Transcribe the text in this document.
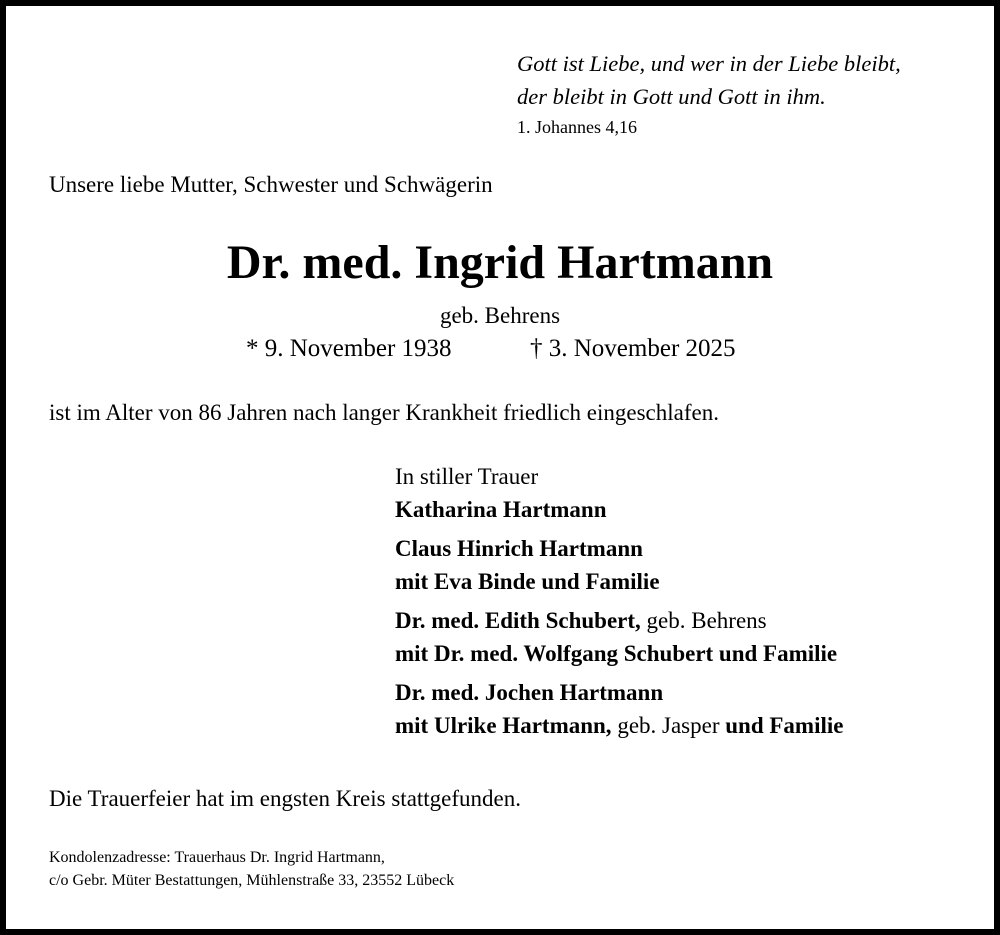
Gott ist Liebe, und wer in der Liebe bleibt,
der bleibt in Gott und Gott in ihm.
1. Johannes 4,16
Unsere liebe Mutter, Schwester und Schwägerin
Dr. med. Ingrid Hartmann
geb. Behrens
* 9. November 1938	† 3. November 2025
ist im Alter von 86 Jahren nach langer Krankheit friedlich eingeschlafen.
In stiller Trauer
Katharina Hartmann
Claus Hinrich Hartmann
mit Eva Binde und Familie
Dr. med. Edith Schubert, geb. Behrens
mit Dr. med. Wolfgang Schubert und Familie
Dr. med. Jochen Hartmann
mit Ulrike Hartmann, geb. Jasper und Familie
Die Trauerfeier hat im engsten Kreis stattgefunden.
Kondolenzadresse: Trauerhaus Dr. Ingrid Hartmann,
c/o Gebr. Müter Bestattungen, Mühlenstraße 33, 23552 Lübeck
